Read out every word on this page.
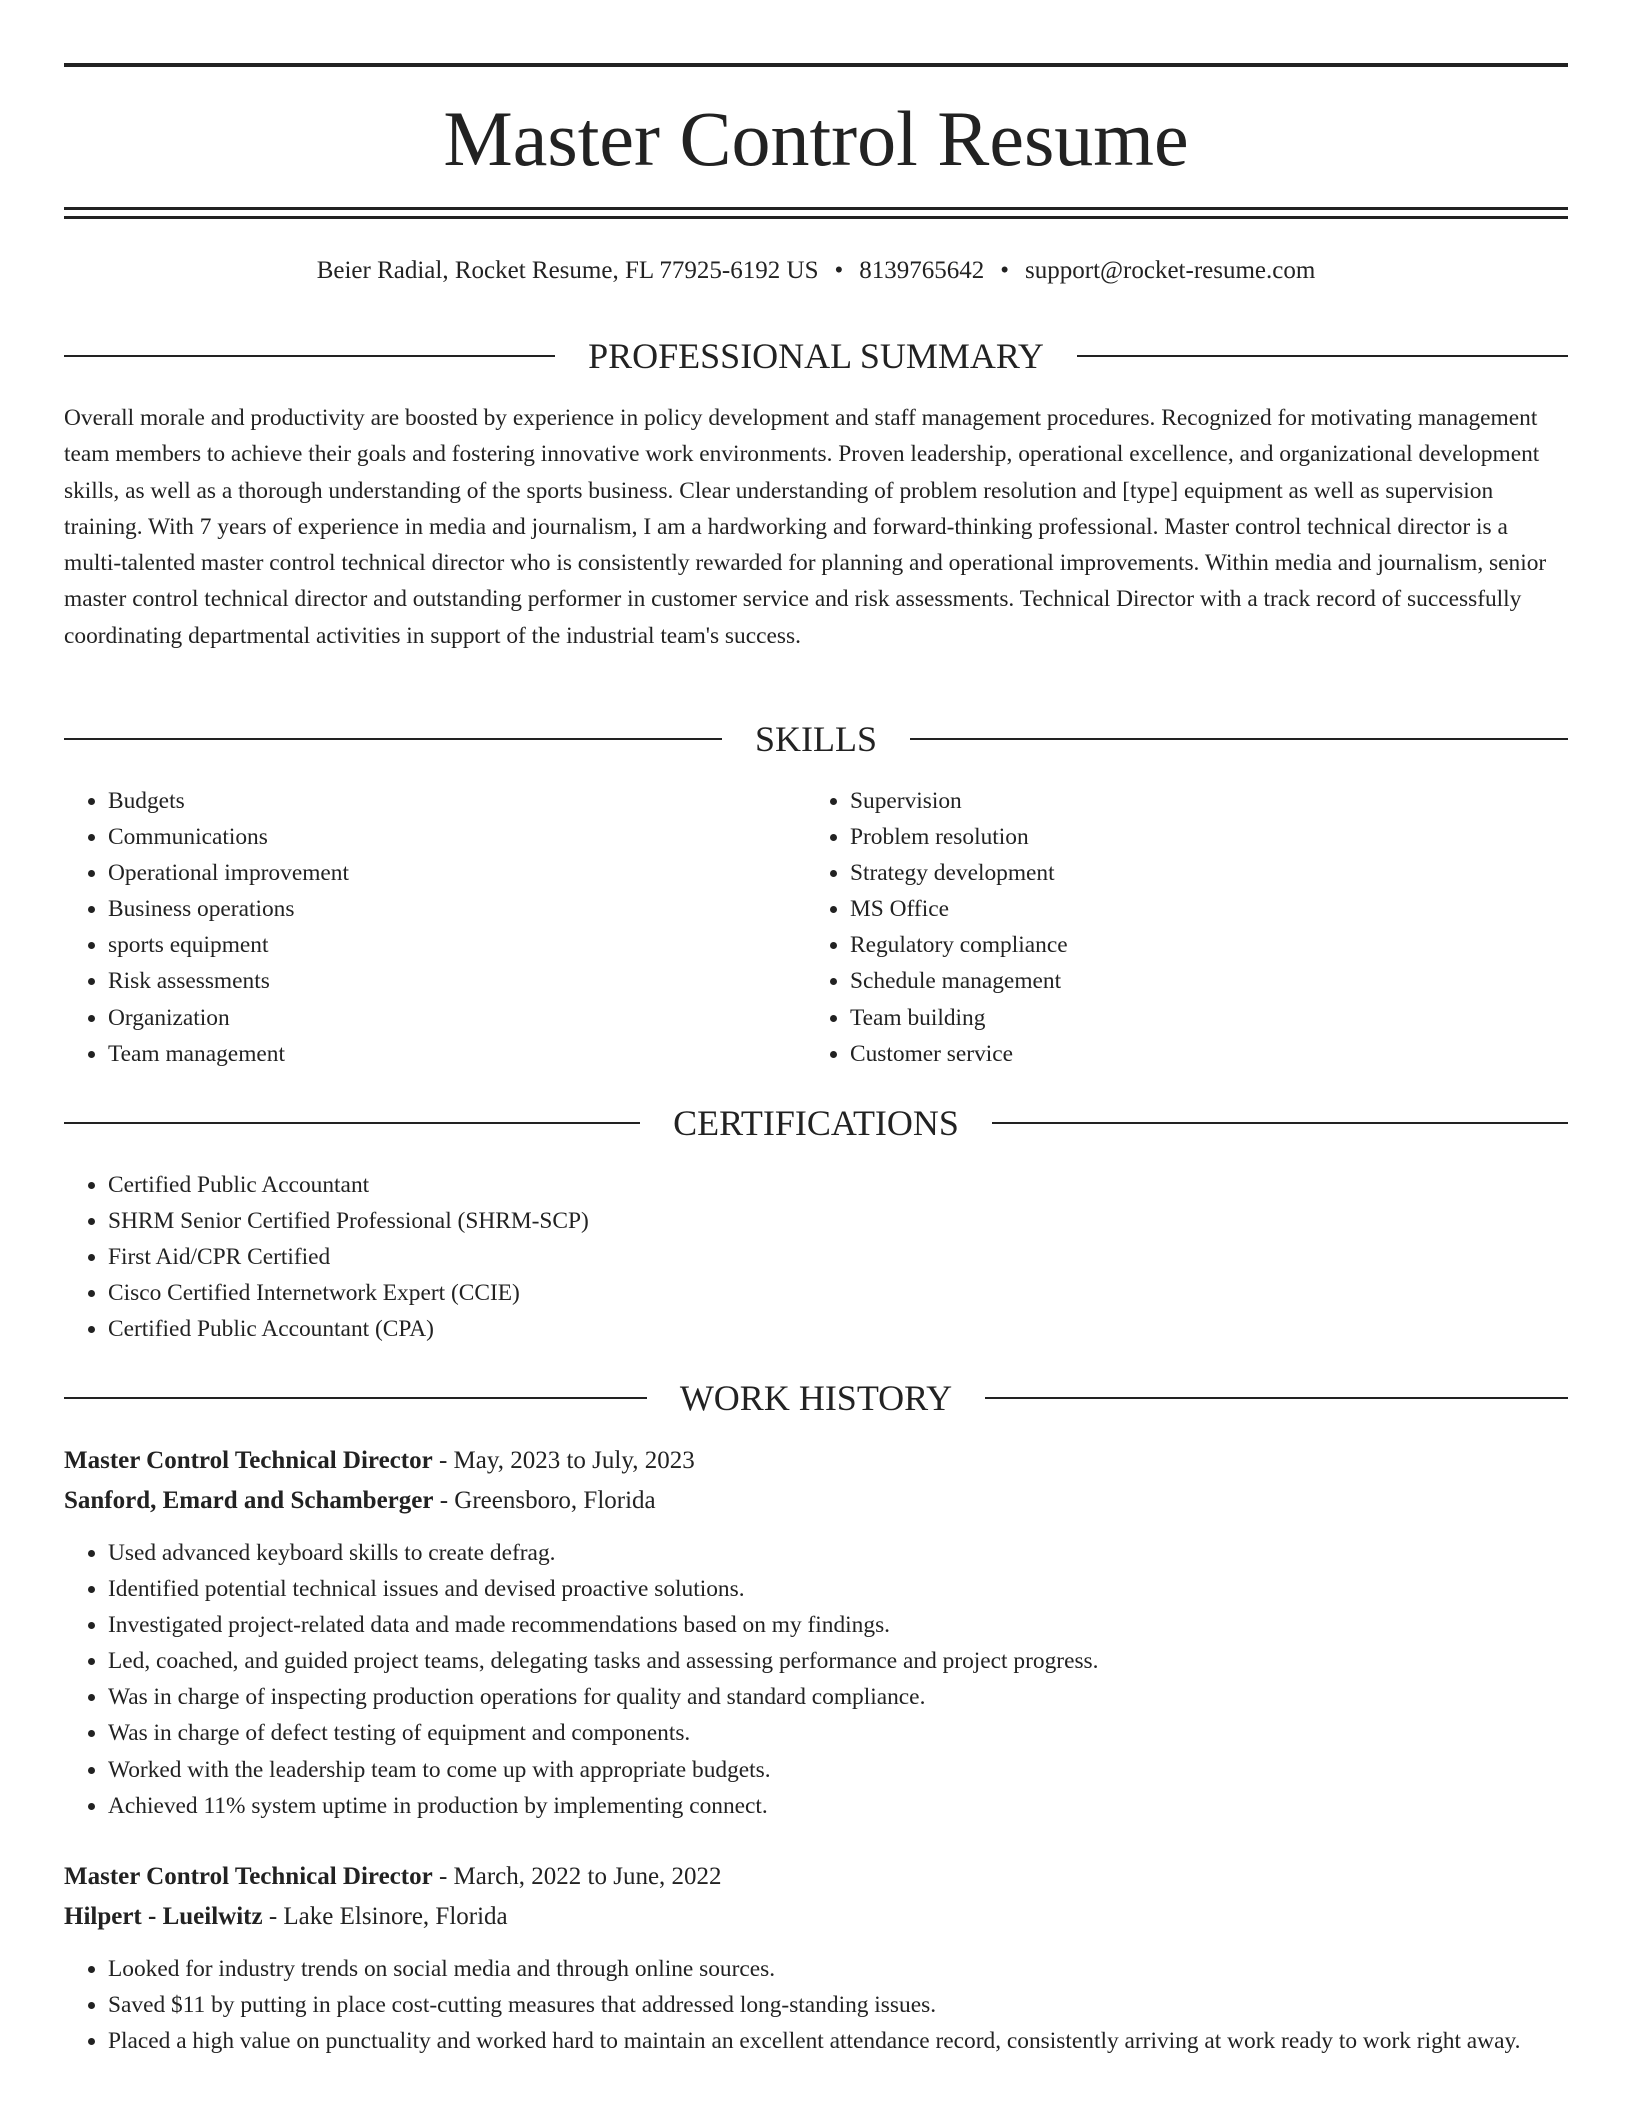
Master Control Resume
Beier Radial, Rocket Resume, FL 77925-6192 US • 8139765642 • support@rocket-resume.com
PROFESSIONAL SUMMARY

Overall morale and productivity are boosted by experience in policy development and staff management procedures. Recognized for motivating management team members to achieve their goals and fostering innovative work environments. Proven leadership, operational excellence, and organizational development skills, as well as a thorough understanding of the sports business. Clear understanding of problem resolution and [type] equipment as well as supervision training. With 7 years of experience in media and journalism, I am a hardworking and forward-thinking professional. Master control technical director is a multi-talented master control technical director who is consistently rewarded for planning and operational improvements. Within media and journalism, senior master control technical director and outstanding performer in customer service and risk assessments. Technical Director with a track record of successfully coordinating departmental activities in support of the industrial team's success.

SKILLS
• Budgets
• Communications
• Operational improvement
• Business operations
• sports equipment
• Risk assessments
• Organization
• Team management
• Supervision
• Problem resolution
• Strategy development
• MS Office
• Regulatory compliance
• Schedule management
• Team building
• Customer service
CERTIFICATIONS
• Certified Public Accountant
• SHRM Senior Certified Professional (SHRM-SCP)
• First Aid/CPR Certified
• Cisco Certified Internetwork Expert (CCIE)
• Certified Public Accountant (CPA)
WORK HISTORY
Master Control Technical Director - May, 2023 to July, 2023
Sanford, Emard and Schamberger - Greensboro, Florida
• Used advanced keyboard skills to create defrag.
• Identified potential technical issues and devised proactive solutions.
• Investigated project-related data and made recommendations based on my findings.
• Led, coached, and guided project teams, delegating tasks and assessing performance and project progress.
• Was in charge of inspecting production operations for quality and standard compliance.
• Was in charge of defect testing of equipment and components.
• Worked with the leadership team to come up with appropriate budgets.
• Achieved 11% system uptime in production by implementing connect.
Master Control Technical Director - March, 2022 to June, 2022
Hilpert - Lueilwitz - Lake Elsinore, Florida
• Looked for industry trends on social media and through online sources.
• Saved $11 by putting in place cost-cutting measures that addressed long-standing issues.
• Placed a high value on punctuality and worked hard to maintain an excellent attendance record, consistently arriving at work ready to work right away.
